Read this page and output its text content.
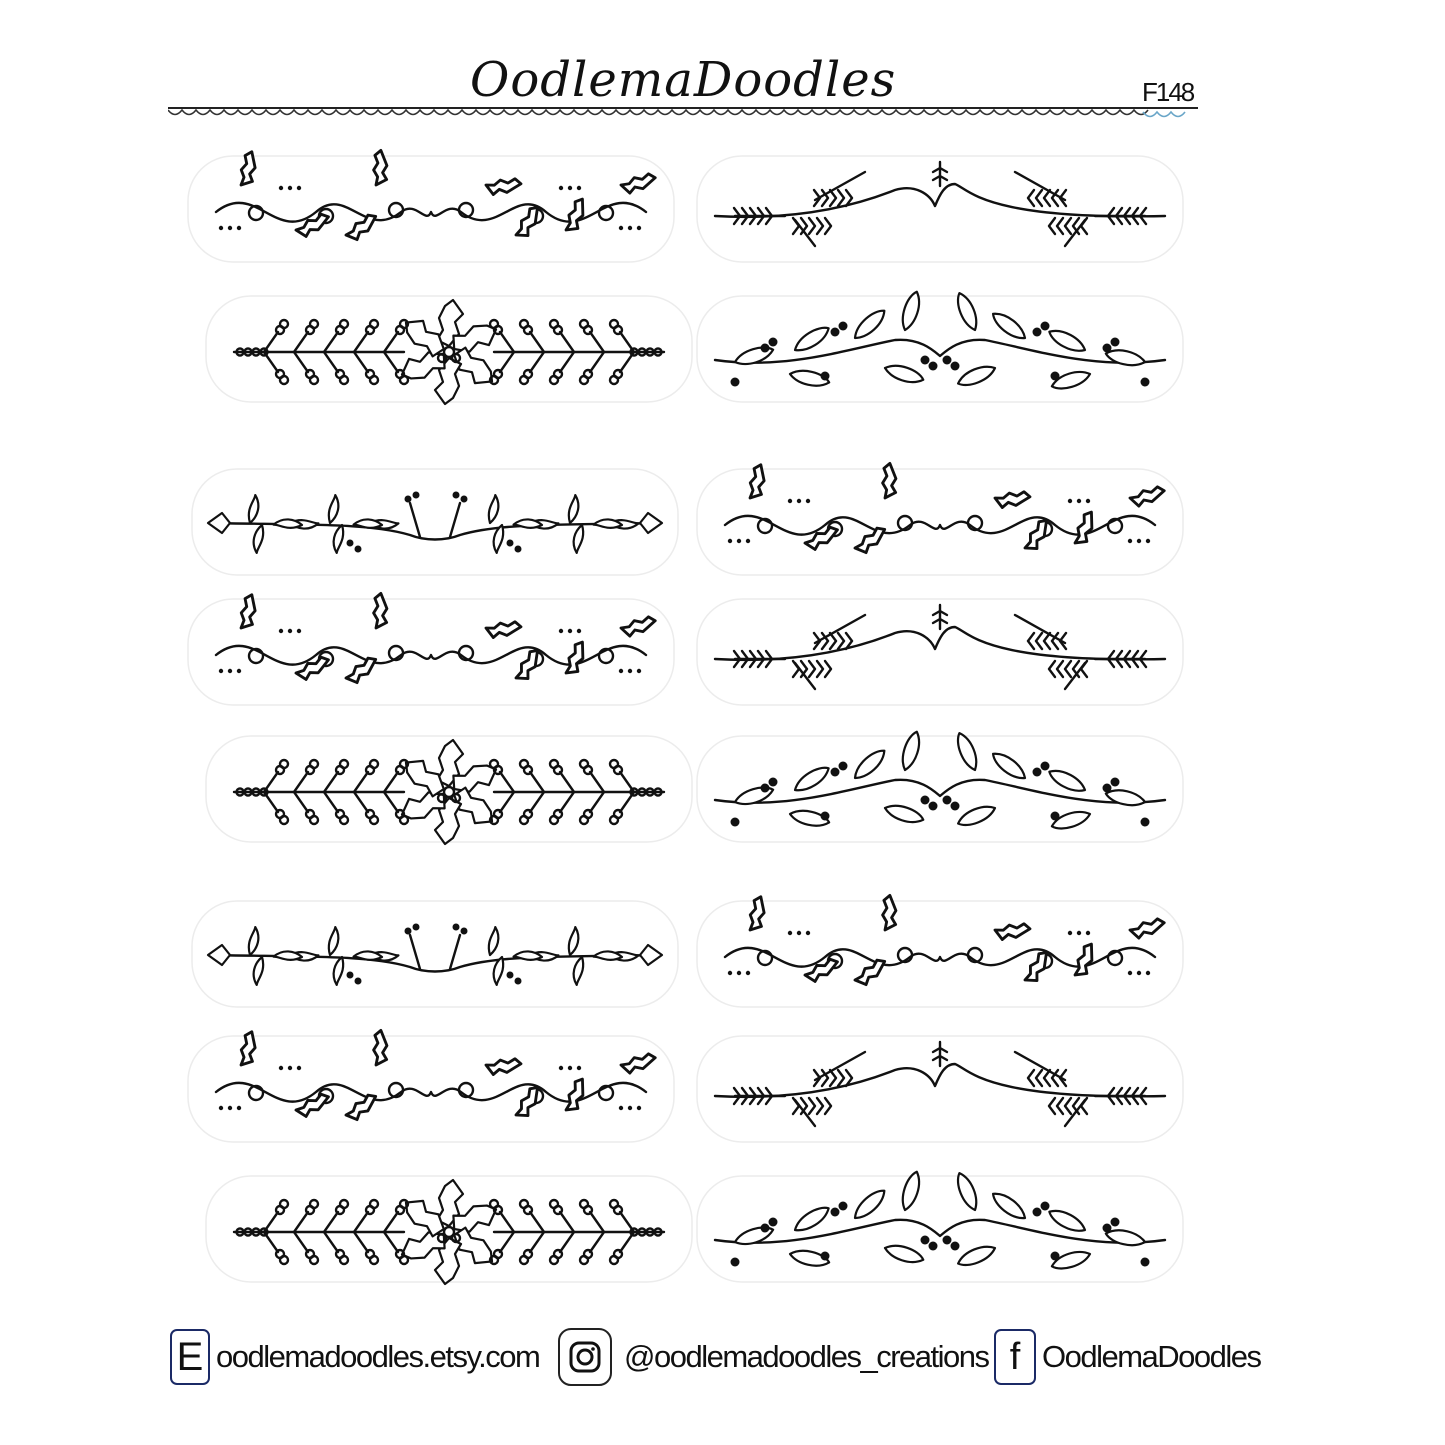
OodlemaDoodles	F148
E oodlemadoodles.etsy.com	@oodlemadoodles_creations f OodlemaDoodles
